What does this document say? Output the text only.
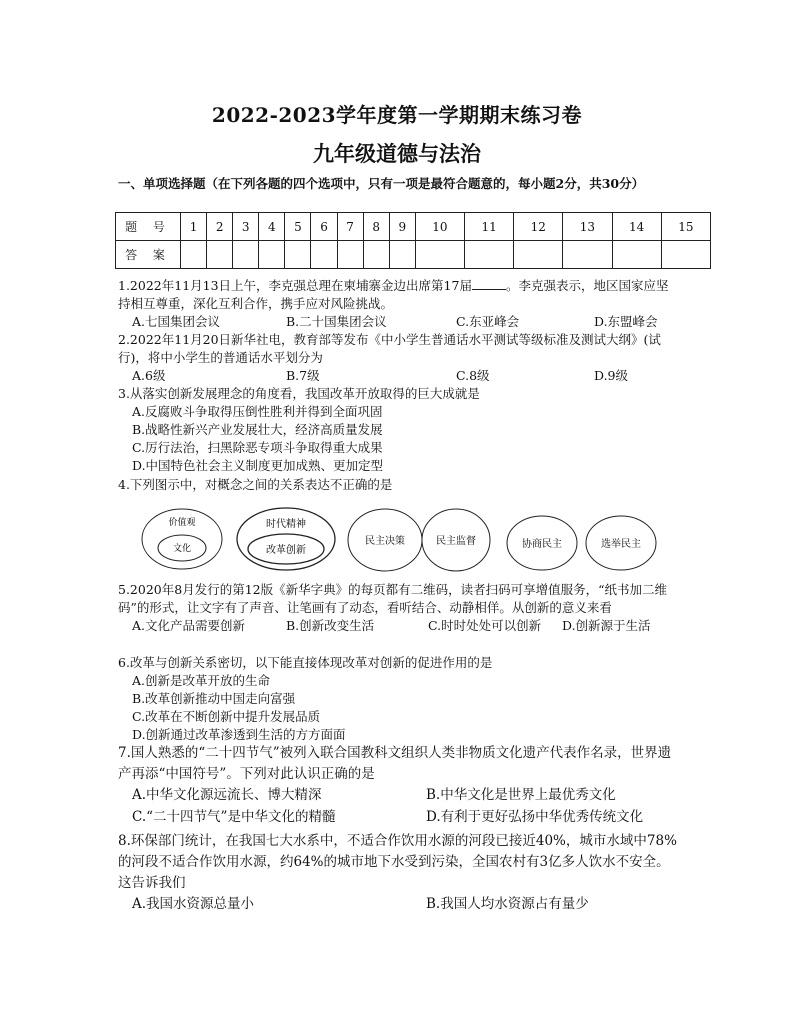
2022-2023学年度第一学期期末练习卷
九年级道德与法治
一、单项选择题（在下列各题的四个选项中，只有一项是最符合题意的，每小题2分，共30分）
题 号	1	2	3	4	5	6	7	8	9	10	11	12	13	14	15
答 案															

1.2022年11月13日上午，李克强总理在柬埔寨金边出席第17届	。李克强表示，地区国家应坚持相互尊重，深化互利合作，携手应对风险挑战。

A.七国集团会议	B.二十国集团会议	C.东亚峰会	D.东盟峰会

2.2022年11月20日新华社电，教育部等发布《中小学生普通话水平测试等级标准及测试大纲》(试行)，将中小学生的普通话水平划分为

A.6级	B.7级	C.8级	D.9级

3.从落实创新发展理念的角度看，我国改革开放取得的巨大成就是

A.反腐败斗争取得压倒性胜利并得到全面巩固

B.战略性新兴产业发展壮大，经济高质量发展

C.厉行法治，扫黑除恶专项斗争取得重大成果

D.中国特色社会主义制度更加成熟、更加定型

4.下列图示中，对概念之间的关系表达不正确的是

价值观
文化
时代精神
改革创新
民主决策	民主监督	协商民主	选举民主

5.2020年8月发行的第12版《新华字典》的每页都有二维码，读者扫码可享增值服务，“纸书加二维码”的形式，让文字有了声音、让笔画有了动态，看听结合、动静相佯。从创新的意义来看

A.文化产品需要创新	B.创新改变生活	C.时时处处可以创新 D.创新源于生活

6.改革与创新关系密切，以下能直接体现改革对创新的促进作用的是

A.创新是改革开放的生命

B.改革创新推动中国走向富强

C.改革在不断创新中提升发展品质

D.创新通过改革渗透到生活的方方面面

7.国人熟悉的“二十四节气”被列入联合国教科文组织人类非物质文化遗产代表作名录，世界遗产再添“中国符号”。下列对此认识正确的是

A.中华文化源远流长、博大精深	B.中华文化是世界上最优秀文化
C.“二十四节气”是中华文化的精髓	D.有利于更好弘扬中华优秀传统文化

8.环保部门统计，在我国七大水系中，不适合作饮用水源的河段已接近40%，城市水域中78%的河段不适合作饮用水源，约64%的城市地下水受到污染，全国农村有3亿多人饮水不安全。这告诉我们

A.我国水资源总量小	B.我国人均水资源占有量少
